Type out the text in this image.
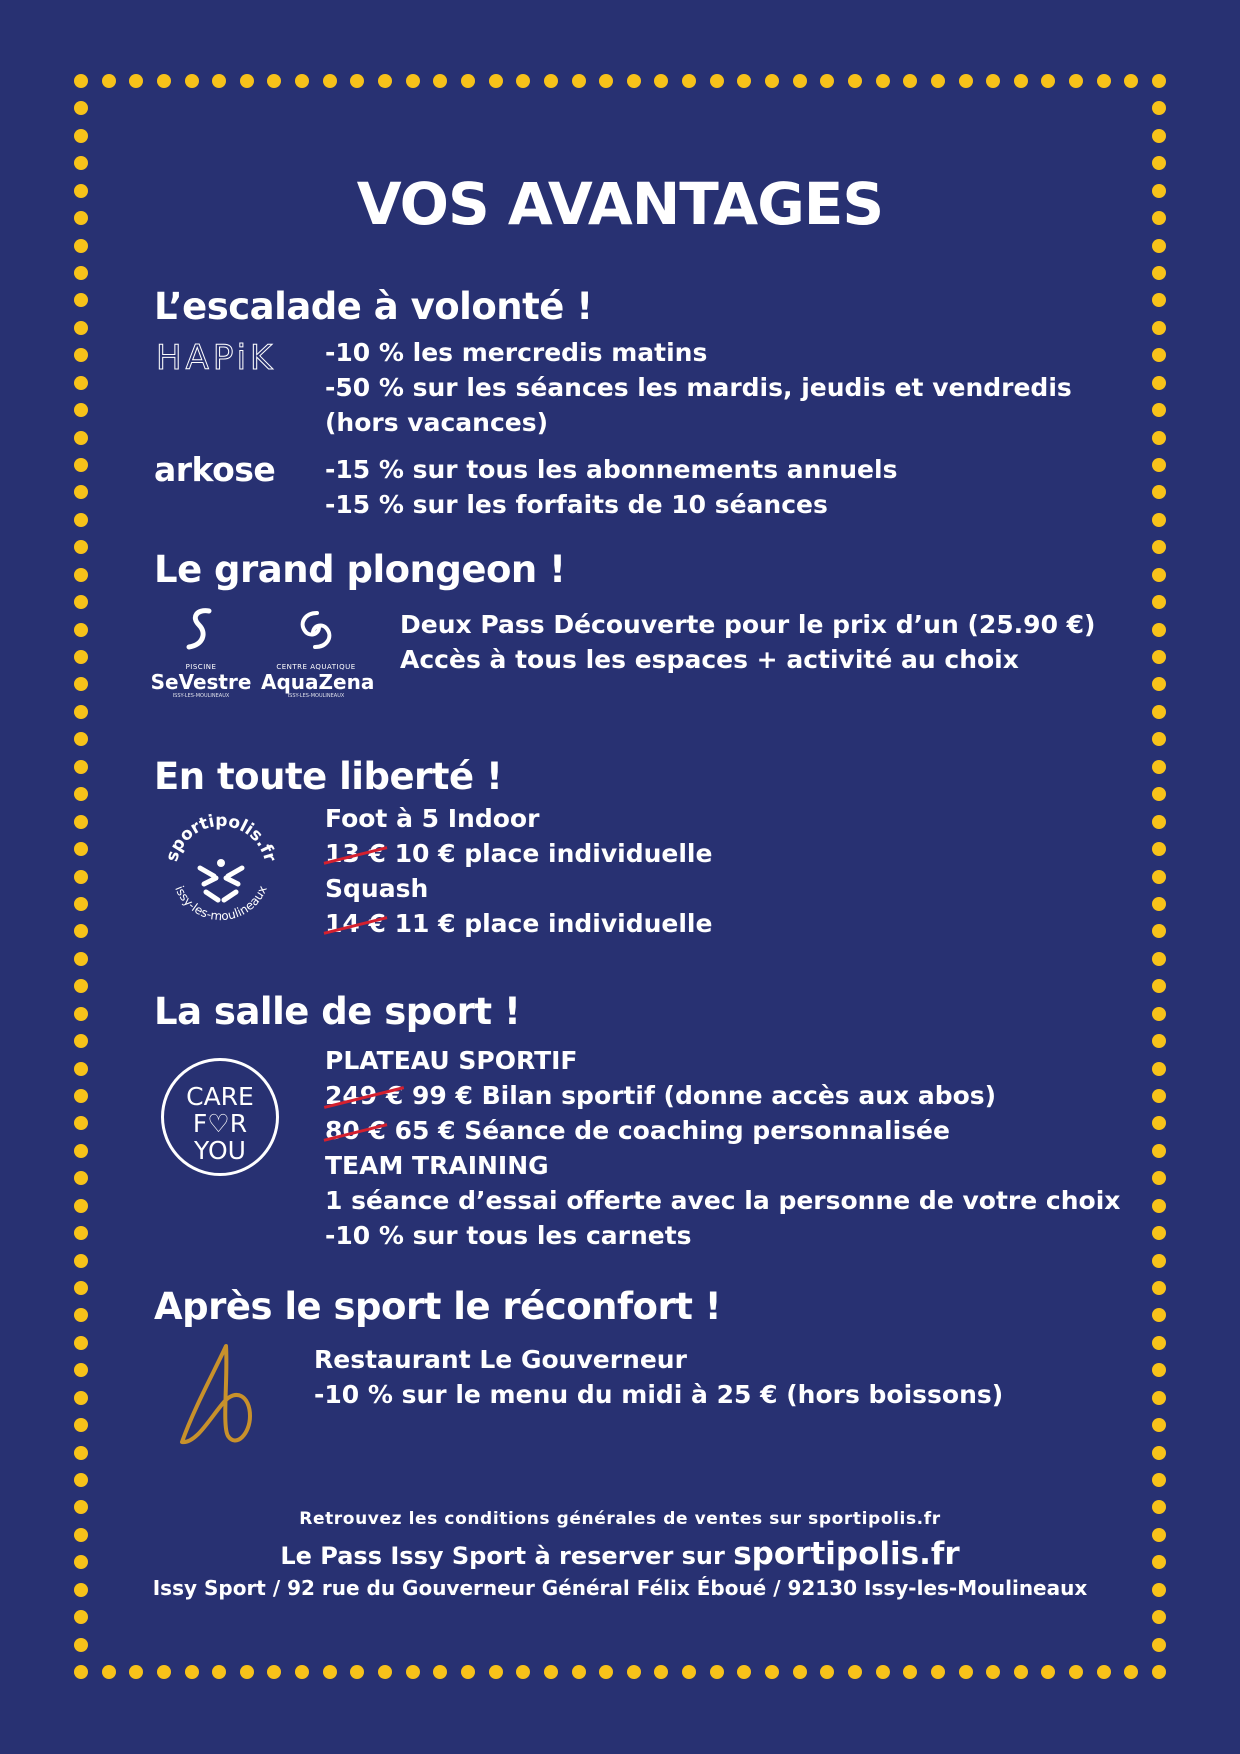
VOS AVANTAGES
L’escalade à volonté !
HAPiK -10 % les mercredis matins
-50 % sur les séances les mardis, jeudis et vendredis
(hors vacances)
arkose -15 % sur tous les abonnements annuels
-15 % sur les forfaits de 10 séances
Le grand plongeon !
PISCINE
SeVestre
ISSY-LES-MOULINEAUX
CENTRE AQUATIQUE
AquaZena
ISSY-LES-MOULINEAUX
Deux Pass Découverte pour le prix d’un (25.90 €)
Accès à tous les espaces + activité au choix
En toute liberté !
sportipolis.fr
issy-les-moulineaux
Foot à 5 Indoor
13 € 10 € place individuelle
Squash
14 € 11 € place individuelle
La salle de sport !
CARE
F♡R
YOU
PLATEAU SPORTIF
249 € 99 € Bilan sportif (donne accès aux abos)
80 € 65 € Séance de coaching personnalisée
TEAM TRAINING
1 séance d’essai offerte avec la personne de votre choix
-10 % sur tous les carnets
Après le sport le réconfort !
Restaurant Le Gouverneur
-10 % sur le menu du midi à 25 € (hors boissons)
Retrouvez les conditions générales de ventes sur sportipolis.fr
Le Pass Issy Sport à reserver sur sportipolis.fr
Issy Sport / 92 rue du Gouverneur Général Félix Éboué / 92130 Issy-les-Moulineaux
